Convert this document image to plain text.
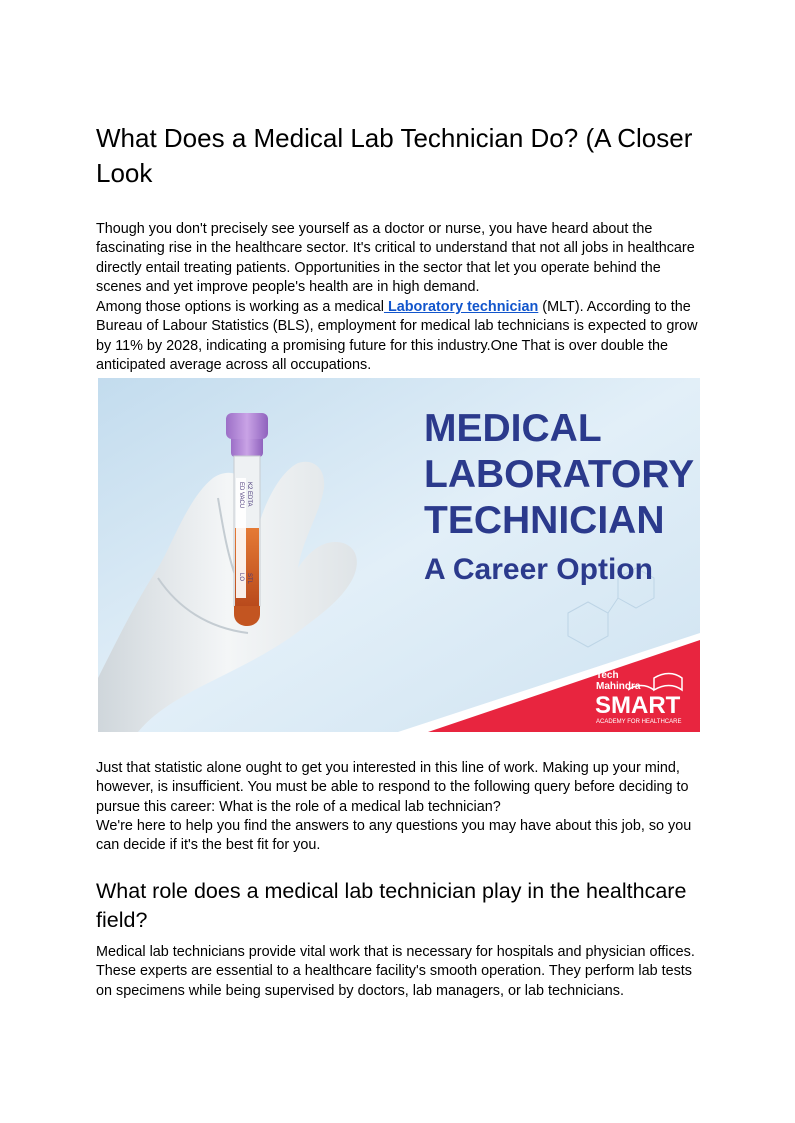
What Does a Medical Lab Technician Do? (A Closer Look

Though you don't precisely see yourself as a doctor or nurse, you have heard about the fascinating rise in the healthcare sector. It's critical to understand that not all jobs in healthcare directly entail treating patients. Opportunities in the sector that let you operate behind the scenes and yet improve people's health are in high demand.

Among those options is working as a medical Laboratory technician (MLT). According to the Bureau of Labour Statistics (BLS), employment for medical lab technicians is expected to grow by 11% by 2028, indicating a promising future for this industry.One That is over double the anticipated average across all occupations.

ED VACU K2 EDTA
LO STL
MEDICAL
LABORATORY
TECHNICIAN
A Career Option
Tech
Mahindra
SMART
ACADEMY FOR HEALTHCARE

Just that statistic alone ought to get you interested in this line of work. Making up your mind, however, is insufficient. You must be able to respond to the following query before deciding to pursue this career: What is the role of a medical lab technician?

We're here to help you find the answers to any questions you may have about this job, so you can decide if it's the best fit for you.

What role does a medical lab technician play in the healthcare field?

Medical lab technicians provide vital work that is necessary for hospitals and physician offices. These experts are essential to a healthcare facility's smooth operation. They perform lab tests on specimens while being supervised by doctors, lab managers, or lab technicians.
